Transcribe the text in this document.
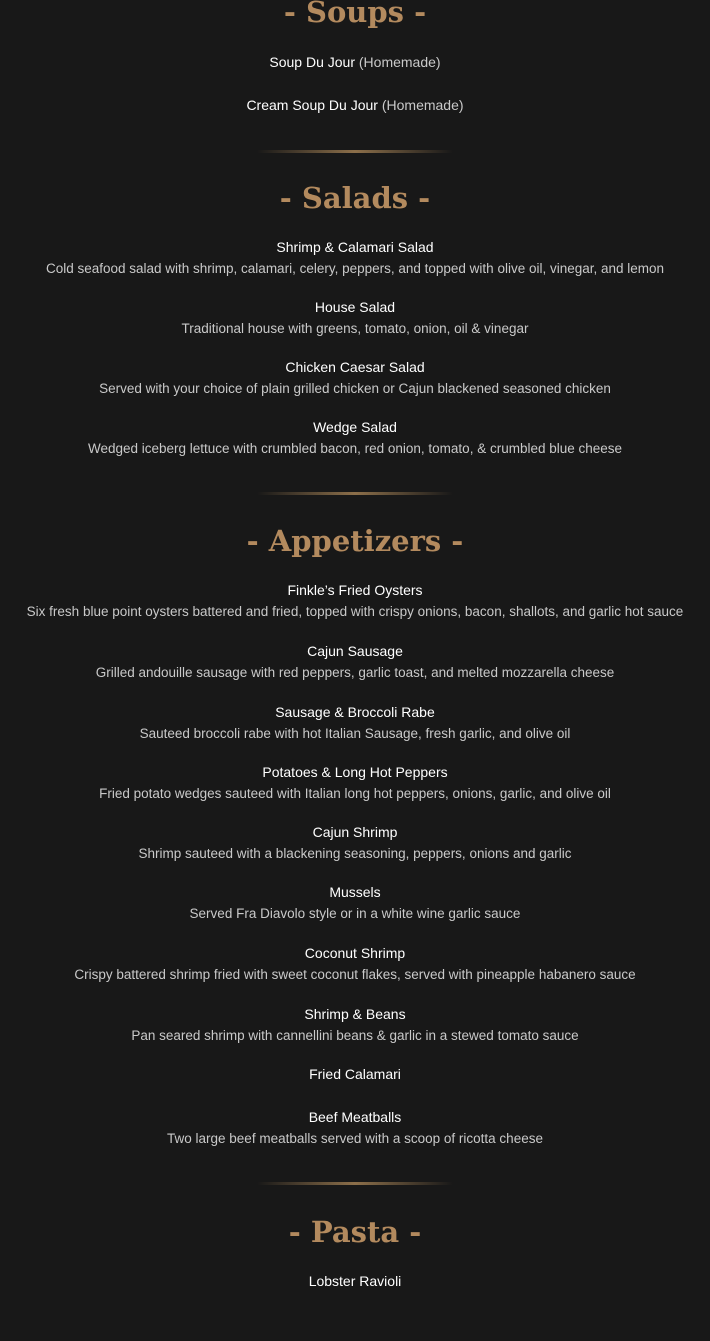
- Soups -
Soup Du Jour (Homemade)
Cream Soup Du Jour (Homemade)
- Salads -
Shrimp & Calamari Salad
Cold seafood salad with shrimp, calamari, celery, peppers, and topped with olive oil, vinegar, and lemon
House Salad
Traditional house with greens, tomato, onion, oil & vinegar
Chicken Caesar Salad
Served with your choice of plain grilled chicken or Cajun blackened seasoned chicken
Wedge Salad
Wedged iceberg lettuce with crumbled bacon, red onion, tomato, & crumbled blue cheese
- Appetizers -
Finkle’s Fried Oysters
Six fresh blue point oysters battered and fried, topped with crispy onions, bacon, shallots, and garlic hot sauce
Cajun Sausage
Grilled andouille sausage with red peppers, garlic toast, and melted mozzarella cheese
Sausage & Broccoli Rabe
Sauteed broccoli rabe with hot Italian Sausage, fresh garlic, and olive oil
Potatoes & Long Hot Peppers
Fried potato wedges sauteed with Italian long hot peppers, onions, garlic, and olive oil
Cajun Shrimp
Shrimp sauteed with a blackening seasoning, peppers, onions and garlic
Mussels
Served Fra Diavolo style or in a white wine garlic sauce
Coconut Shrimp
Crispy battered shrimp fried with sweet coconut flakes, served with pineapple habanero sauce
Shrimp & Beans
Pan seared shrimp with cannellini beans & garlic in a stewed tomato sauce
Fried Calamari
Beef Meatballs
Two large beef meatballs served with a scoop of ricotta cheese
- Pasta -
Lobster Ravioli
